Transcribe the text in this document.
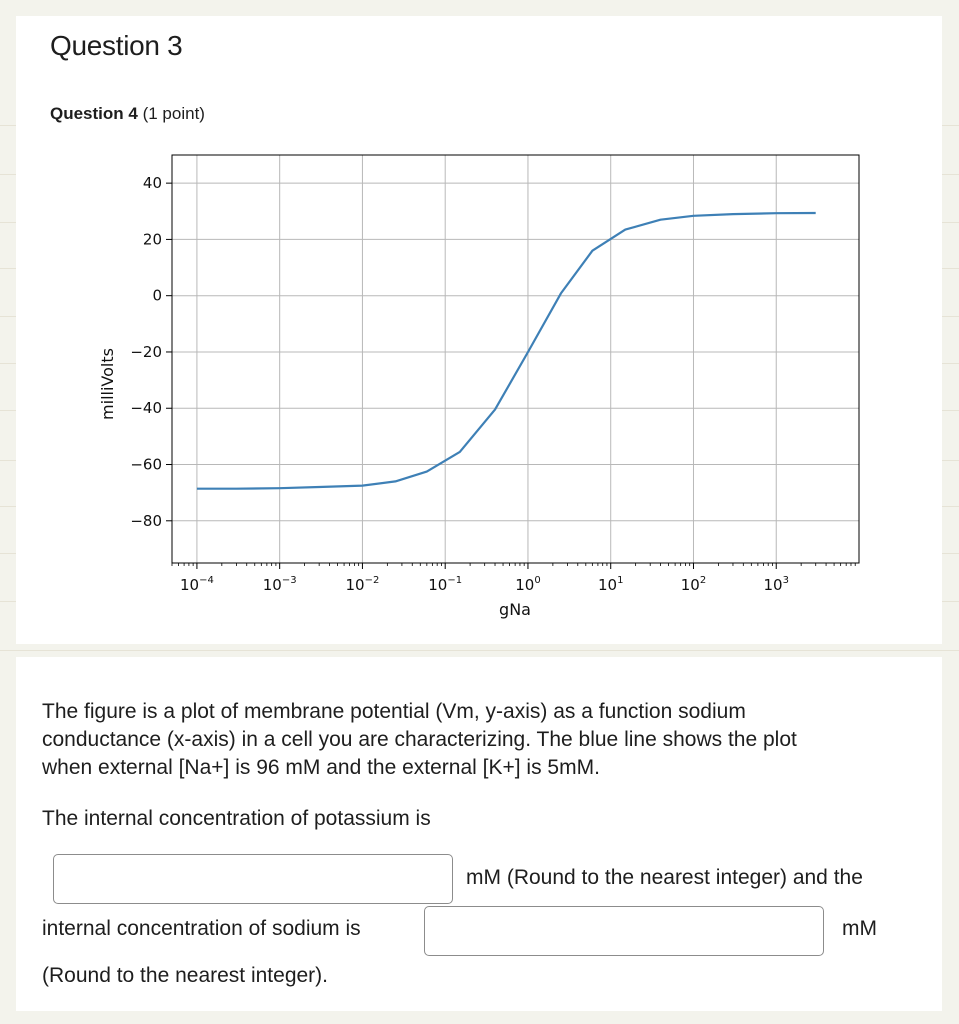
Question 3
Question 4 (1 point)
$10^{-4}$	$10^{-3}$	$10^{-2}$	$10^{-1}$	$10^0$	$10^1$	$10^2$	$10^3$
40
20
0
−20
−40
−60
−80
gNa
milliVolts
The figure is a plot of membrane potential (Vm, y-axis) as a function sodium
conductance (x-axis) in a cell you are characterizing. The blue line shows the plot
when external [Na+] is 96 mM and the external [K+] is 5mM.
The internal concentration of potassium is
mM (Round to the nearest integer) and the
internal concentration of sodium is	mM
(Round to the nearest integer).
